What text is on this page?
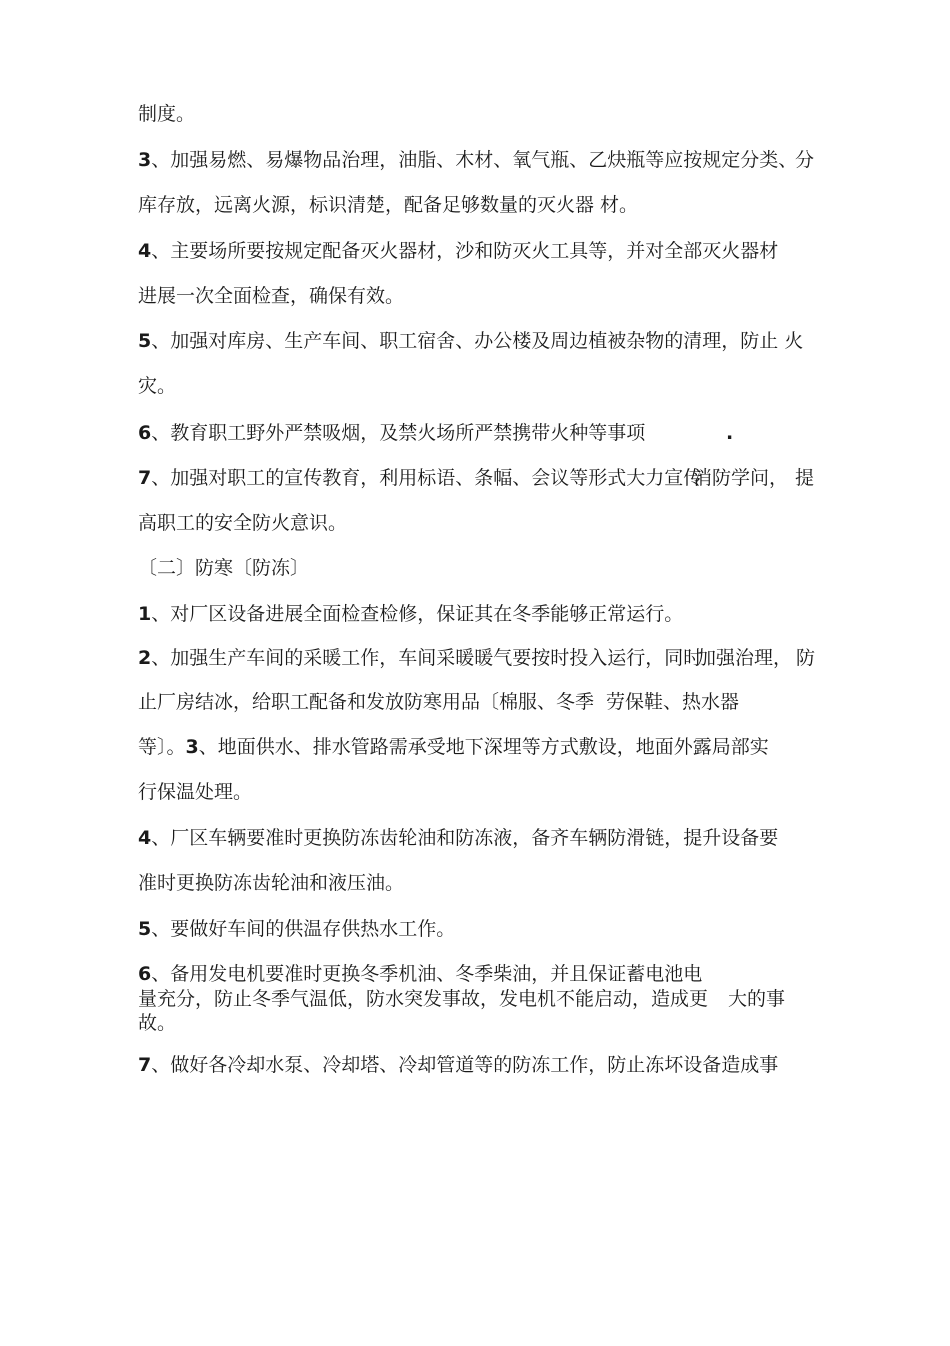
制度。
3、加强易燃、易爆物品治理，油脂、木材、氧气瓶、乙炔瓶等应按规定分类、
分
库存放，远离火源，标识清楚，配备足够数量的灭火器 材。
4、主要场所要按规定配备灭火器材，沙和防灭火工具等，并对全部灭火器材
进展一次全面检查，确保有效。
5、加强对库房、生产车间、职工宿舍、办公楼及周边植被杂物的清理，防止 火
灾。
6、教育职工野外严禁吸烟，及禁火场所严禁携带火种等事项	.
7、加强对职工的宣传教育，利用标语、条幅、会议等形式大力宣传
消防学问， 提
高职工的安全防火意识。
〔二〕防寒〔防冻〕
1、对厂区设备进展全面检查检修，保证其在冬季能够正常运行。
2、加强生产车间的采暖工作，车间采暖暖气要按时投入运行，同时
加强治理， 防
止厂房结冰，给职工配备和发放防寒用品〔棉服、冬季 劳保鞋、热水器
等〕。3、地面供水、排水管路需承受地下深埋等方式敷设，地面外露局部实
行保温处理。
4、厂区车辆要准时更换防冻齿轮油和防冻液，备齐车辆防滑链，提升设备要
准时更换防冻齿轮油和液压油。
5、要做好车间的供温存供热水工作。
6、备用发电机要准时更换冬季机油、冬季柴油，并且保证蓄电池电
量充分，防止冬季气温低，防水突发事故，发电机不能启动，造成更 大的事
故。
7、做好各冷却水泵、冷却塔、冷却管道等的防冻工作，防止冻坏设备造成事
